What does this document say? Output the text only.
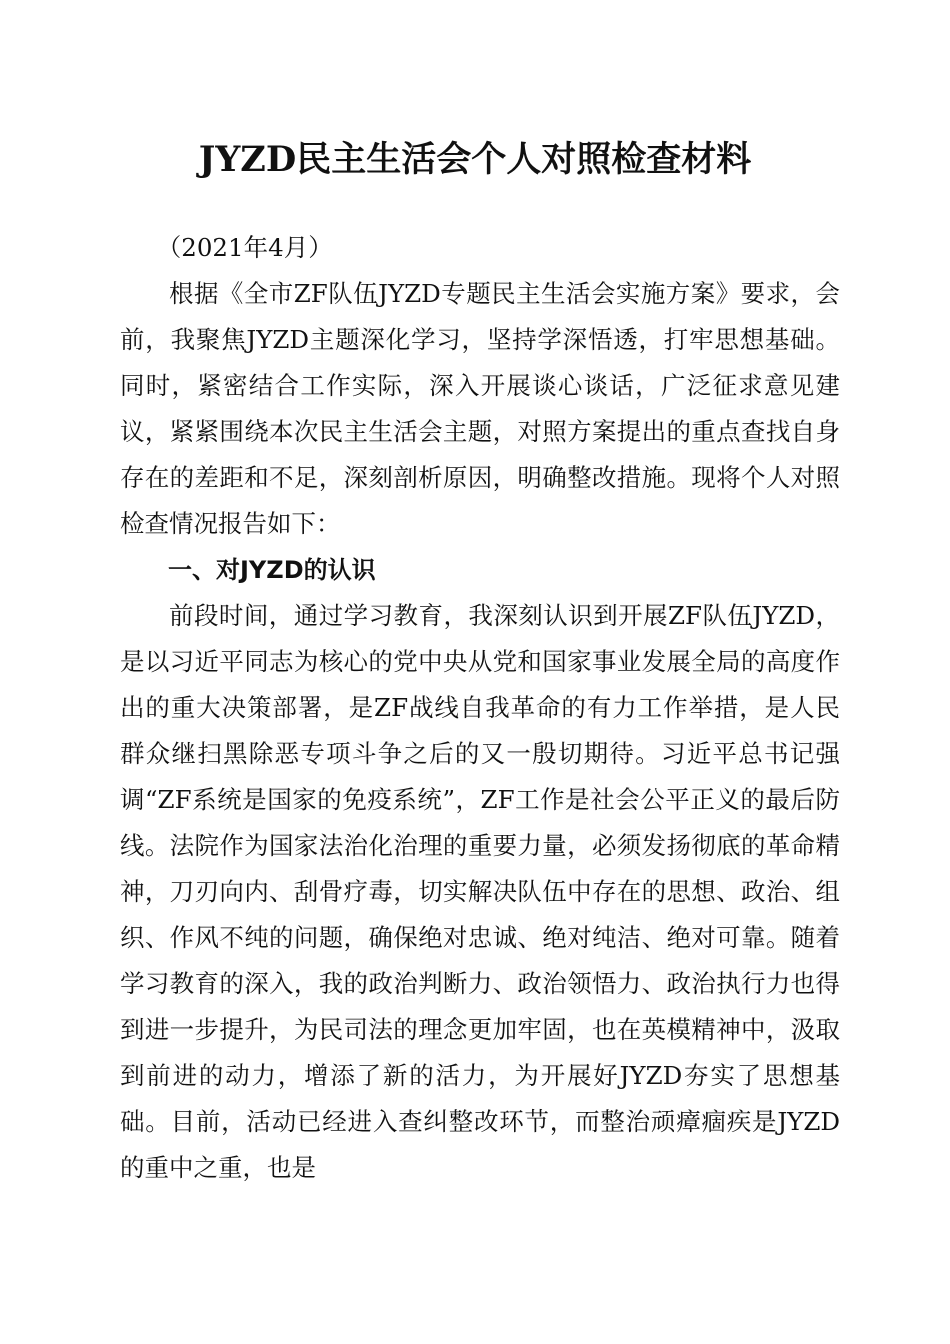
JYZD民主生活会个人对照检查材料

（2021年4月）

根据《全市ZF队伍JYZD专题民主生活会实施方案》要求，会前，我聚焦JYZD主题深化学习，坚持学深悟透，打牢思想基础。同时，紧密结合工作实际，深入开展谈心谈话，广泛征求意见建议，紧紧围绕本次民主生活会主题，对照方案提出的重点查找自身存在的差距和不足，深刻剖析原因，明确整改措施。现将个人对照检查情况报告如下：

一、对JYZD的认识

前段时间，通过学习教育，我深刻认识到开展ZF队伍JYZD，是以习近平同志为核心的党中央从党和国家事业发展全局的高度作出的重大决策部署，是ZF战线自我革命的有力工作举措，是人民群众继扫黑除恶专项斗争之后的又一殷切期待。习近平总书记强调“ZF系统是国家的免疫系统”，ZF工作是社会公平正义的最后防线。法院作为国家法治化治理的重要力量，必须发扬彻底的革命精神，刀刃向内、刮骨疗毒，切实解决队伍中存在的思想、政治、组织、作风不纯的问题，确保绝对忠诚、绝对纯洁、绝对可靠。随着学习教育的深入，我的政治判断力、政治领悟力、政治执行力也得到进一步提升，为民司法的理念更加牢固，也在英模精神中，汲取到前进的动力，增添了新的活力，为开展好JYZD夯实了思想基础。目前，活动已经进入查纠整改环节，而整治顽瘴痼疾是JYZD的重中之重，也是
